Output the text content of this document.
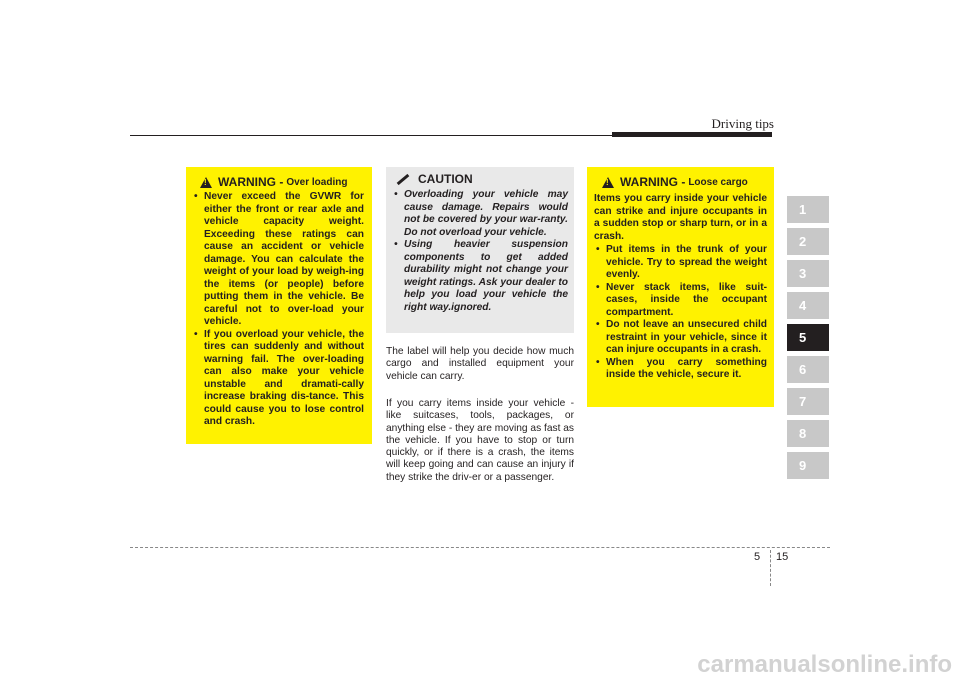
Driving tips
!
WARNING - Over loading
• Never exceed the GVWR for either the front or rear axle and vehicle capacity weight. Exceeding these ratings can cause an accident or vehicle damage. You can calculate the weight of your load by weigh-ing the items (or people) before putting them in the vehicle. Be careful not to over-load your vehicle.
• If you overload your vehicle, the tires can suddenly and without warning fail. The over-loading can also make your vehicle unstable and dramati-cally increase braking dis-tance. This could cause you to lose control and crash.
CAUTION
• Overloading your vehicle may cause damage. Repairs would not be covered by your war-ranty. Do not overload your vehicle.
• Using heavier suspension components to get added durability might not change your weight ratings. Ask your dealer to help you load your vehicle the right way.ignored.

The label will help you decide how much cargo and installed equipment your vehicle can carry.

If you carry items inside your vehicle - like suitcases, tools, packages, or anything else - they are moving as fast as the vehicle. If you have to stop or turn quickly, or if there is a crash, the items will keep going and can cause an injury if they strike the driv-er or a passenger.

!
WARNING - Loose cargo
Items you carry inside your vehicle can strike and injure occupants in a sudden stop or sharp turn, or in a crash.
• Put items in the trunk of your vehicle. Try to spread the weight evenly.
• Never stack items, like suit-cases, inside the occupant compartment.
• Do not leave an unsecured child restraint in your vehicle, since it can injure occupants in a crash.
• When you carry something inside the vehicle, secure it.
1
2
3
4
5
6
7
8
9
5 15
carmanualsonline.info
